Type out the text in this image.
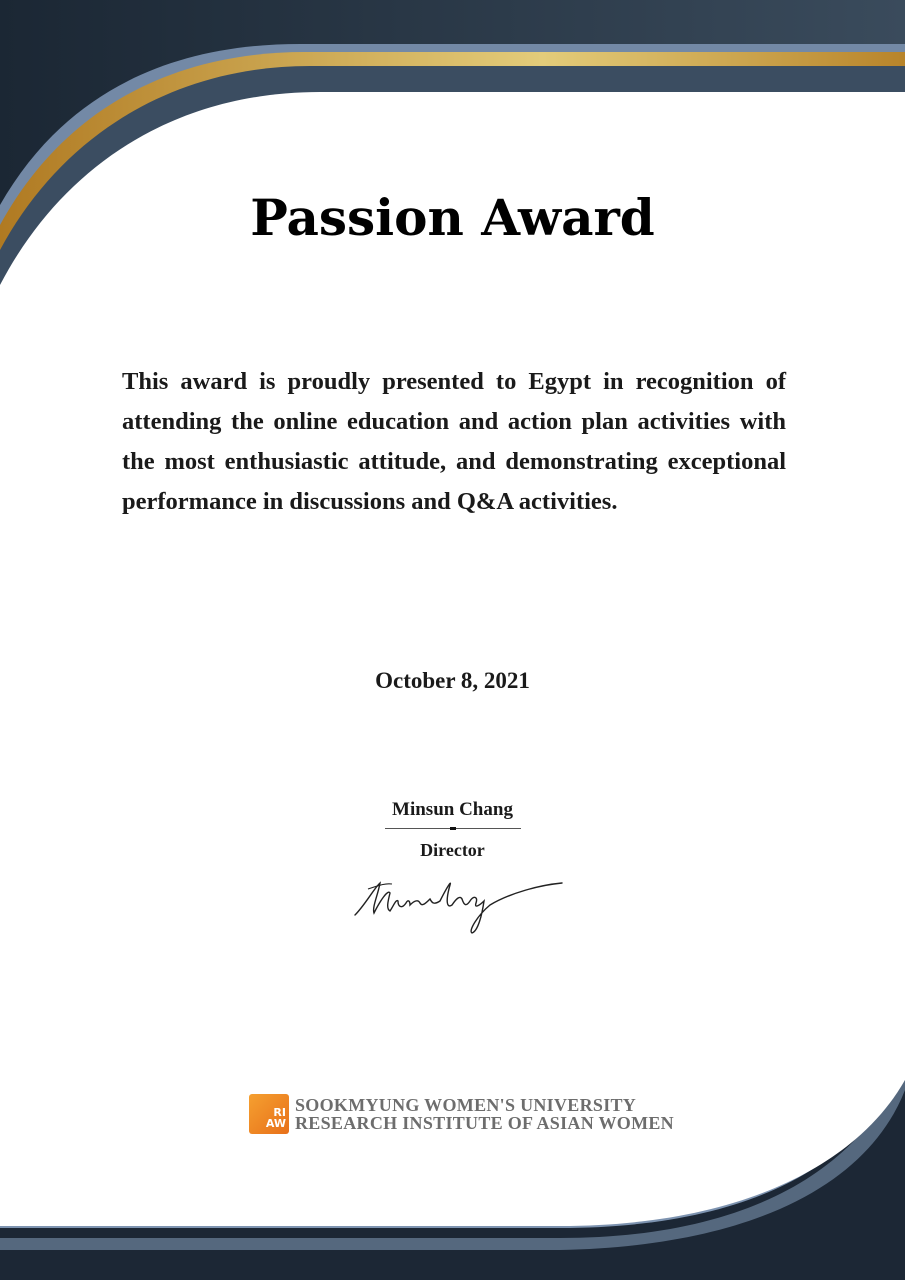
Passion Award
This award is proudly presented to Egypt in recognition of attending the online education and action plan activities with the most enthusiastic attitude, and demonstrating exceptional performance in discussions and Q&A activities.
October 8, 2021
Minsun Chang
Director
RI
AW
SOOKMYUNG WOMEN'S UNIVERSITY
RESEARCH INSTITUTE OF ASIAN WOMEN
